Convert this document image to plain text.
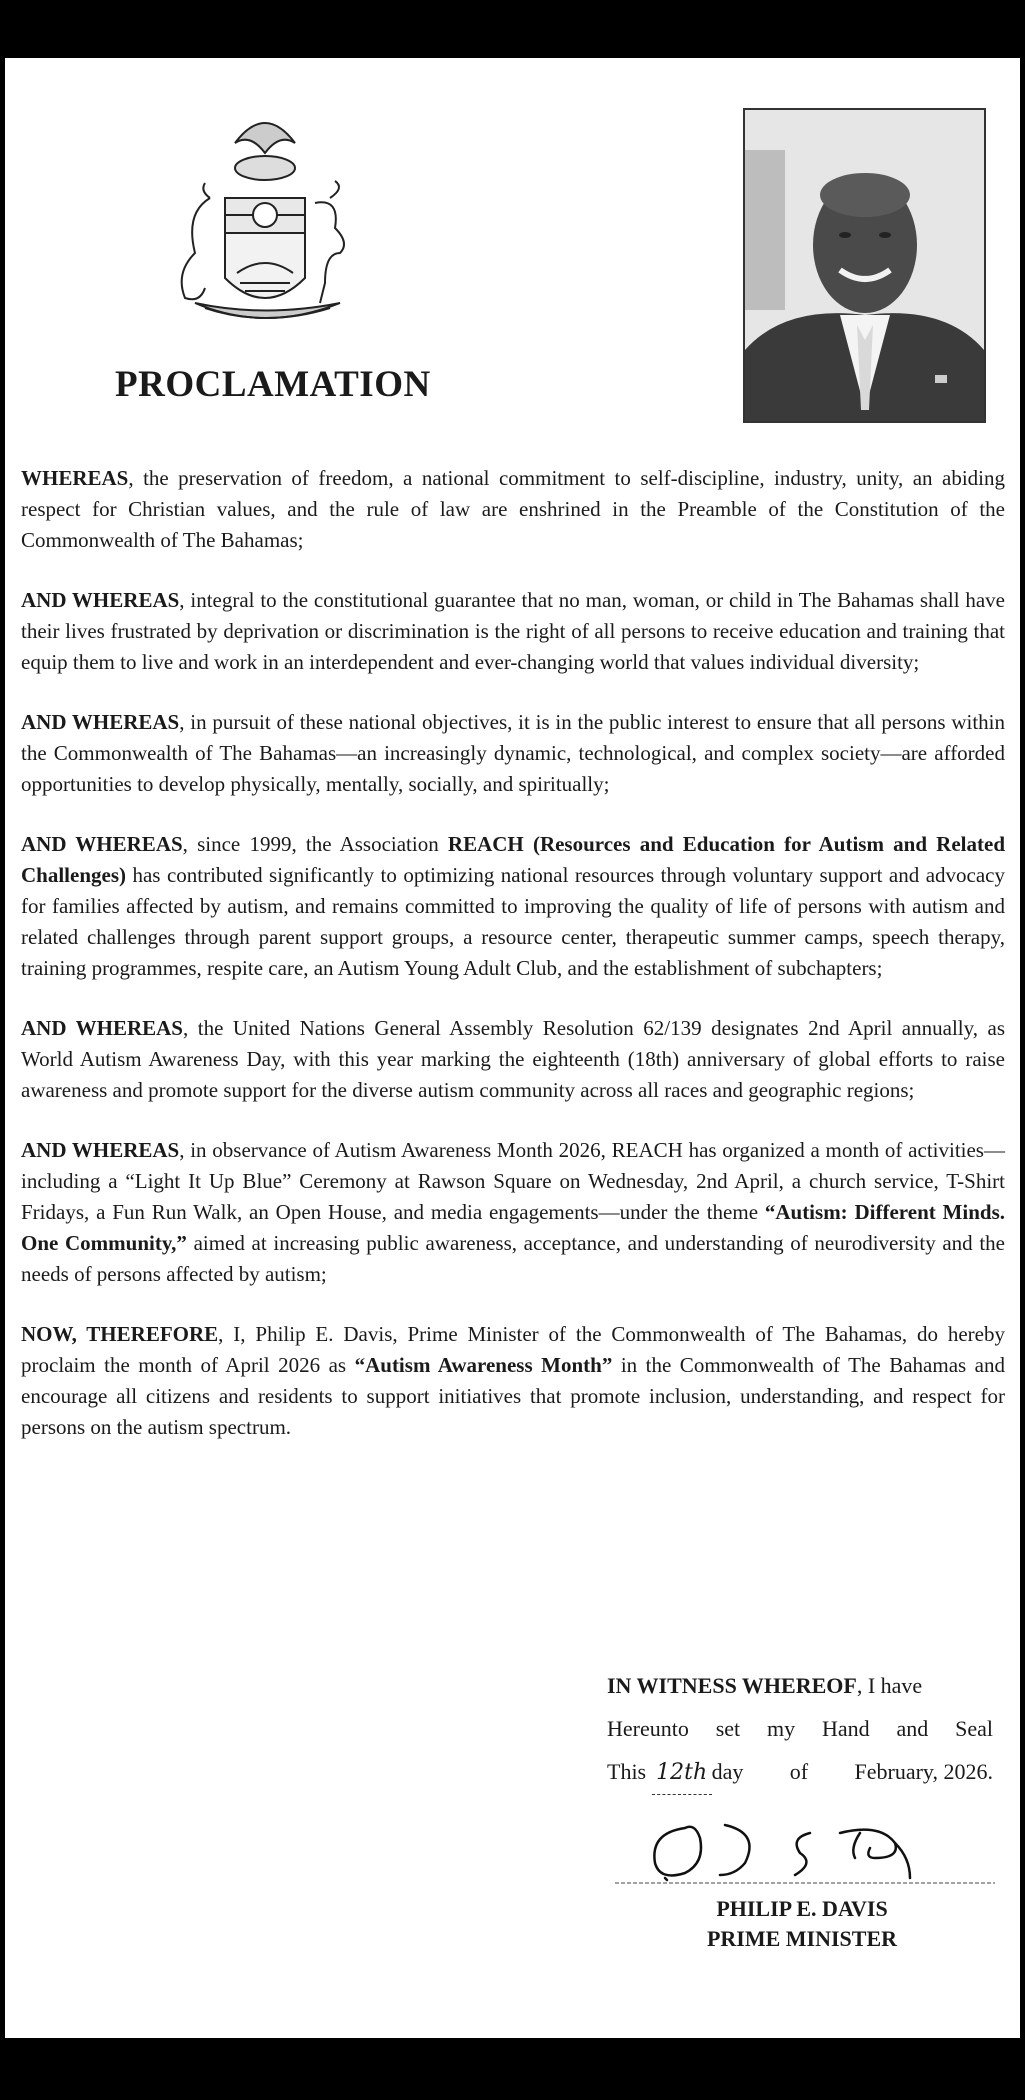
PROCLAMATION

WHEREAS, the preservation of freedom, a national commitment to self-discipline, industry, unity, an abiding respect for Christian values, and the rule of law are enshrined in the Preamble of the Constitution of the Commonwealth of The Bahamas;

AND WHEREAS, integral to the constitutional guarantee that no man, woman, or child in The Bahamas shall have their lives frustrated by deprivation or discrimination is the right of all persons to receive education and training that equip them to live and work in an interdependent and ever-changing world that values individual diversity;

AND WHEREAS, in pursuit of these national objectives, it is in the public interest to ensure that all persons within the Commonwealth of The Bahamas—an increasingly dynamic, technological, and complex society—are afforded opportunities to develop physically, mentally, socially, and spiritually;

AND WHEREAS, since 1999, the Association REACH (Resources and Education for Autism and Related Challenges) has contributed significantly to optimizing national resources through voluntary support and advocacy for families affected by autism, and remains committed to improving the quality of life of persons with autism and related challenges through parent support groups, a resource center, therapeutic summer camps, speech therapy, training programmes, respite care, an Autism Young Adult Club, and the establishment of subchapters;

AND WHEREAS, the United Nations General Assembly Resolution 62/139 designates 2nd April annually, as World Autism Awareness Day, with this year marking the eighteenth (18th) anniversary of global efforts to raise awareness and promote support for the diverse autism community across all races and geographic regions;

AND WHEREAS, in observance of Autism Awareness Month 2026, REACH has organized a month of activities—including a “Light It Up Blue” Ceremony at Rawson Square on Wednesday, 2nd April, a church service, T-Shirt Fridays, a Fun Run Walk, an Open House, and media engagements—under the theme “Autism: Different Minds. One Community,” aimed at increasing public awareness, acceptance, and understanding of neurodiversity and the needs of persons affected by autism;

NOW, THEREFORE, I, Philip E. Davis, Prime Minister of the Commonwealth of The Bahamas, do hereby proclaim the month of April 2026 as “Autism Awareness Month” in the Commonwealth of The Bahamas and encourage all citizens and residents to support initiatives that promote inclusion, understanding, and respect for persons on the autism spectrum.

IN WITNESS WHEREOF, I have
Hereunto set my Hand and Seal
This 12th day of February, 2026.
PHILIP E. DAVIS
PRIME MINISTER
